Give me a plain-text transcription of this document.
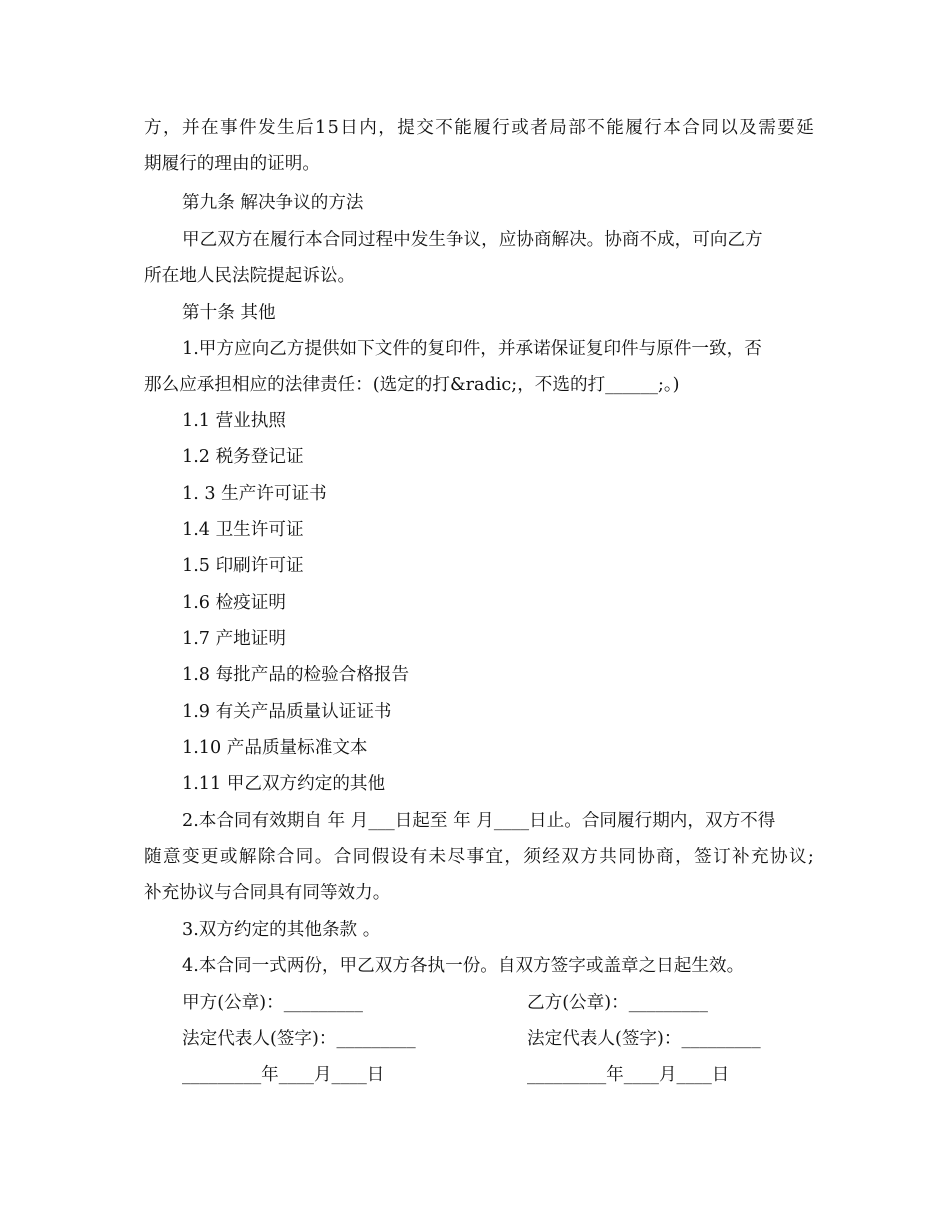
方 ， 并 在 事 件 发 生 后 1 5 日 内 ， 提 交 不 能 履 行 或 者 局 部 不 能 履 行 本 合 同 以 及 需 要 延

期履行的理由的证明。

第九条 解决争议的方法

甲乙双方在履行本合同过程中发生争议，应协商解决。协商不成，可向乙方

所在地人民法院提起诉讼。

第十条 其他

1.甲方应向乙方提供如下文件的复印件，并承诺保证复印件与原件一致，否

那么应承担相应的法律责任：(选定的打&radic;，不选的打______;。)

1.1 营业执照

1.2 税务登记证

1. 3 生产许可证书

1.4 卫生许可证

1.5 印刷许可证

1.6 检疫证明

1.7 产地证明

1.8 每批产品的检验合格报告

1.9 有关产品质量认证证书

1.10 产品质量标准文本

1.11 甲乙双方约定的其他

2.本合同有效期自 年 月___日起至 年 月____日止。合同履行期内，双方不得

随 意 变 更 或 解 除 合 同 。 合 同 假 设 有 未 尽 事 宜 ， 须 经 双 方 共 同 协 商 ， 签 订 补 充 协 议 ;

补充协议与合同具有同等效力。

3.双方约定的其他条款 。

4.本合同一式两份，甲乙双方各执一份。自双方签字或盖章之日起生效。

甲方(公章)：_________	乙方(公章)：_________
法定代表人(签字)：_________	法定代表人(签字)：_________
_________年____月____日	_________年____月____日
